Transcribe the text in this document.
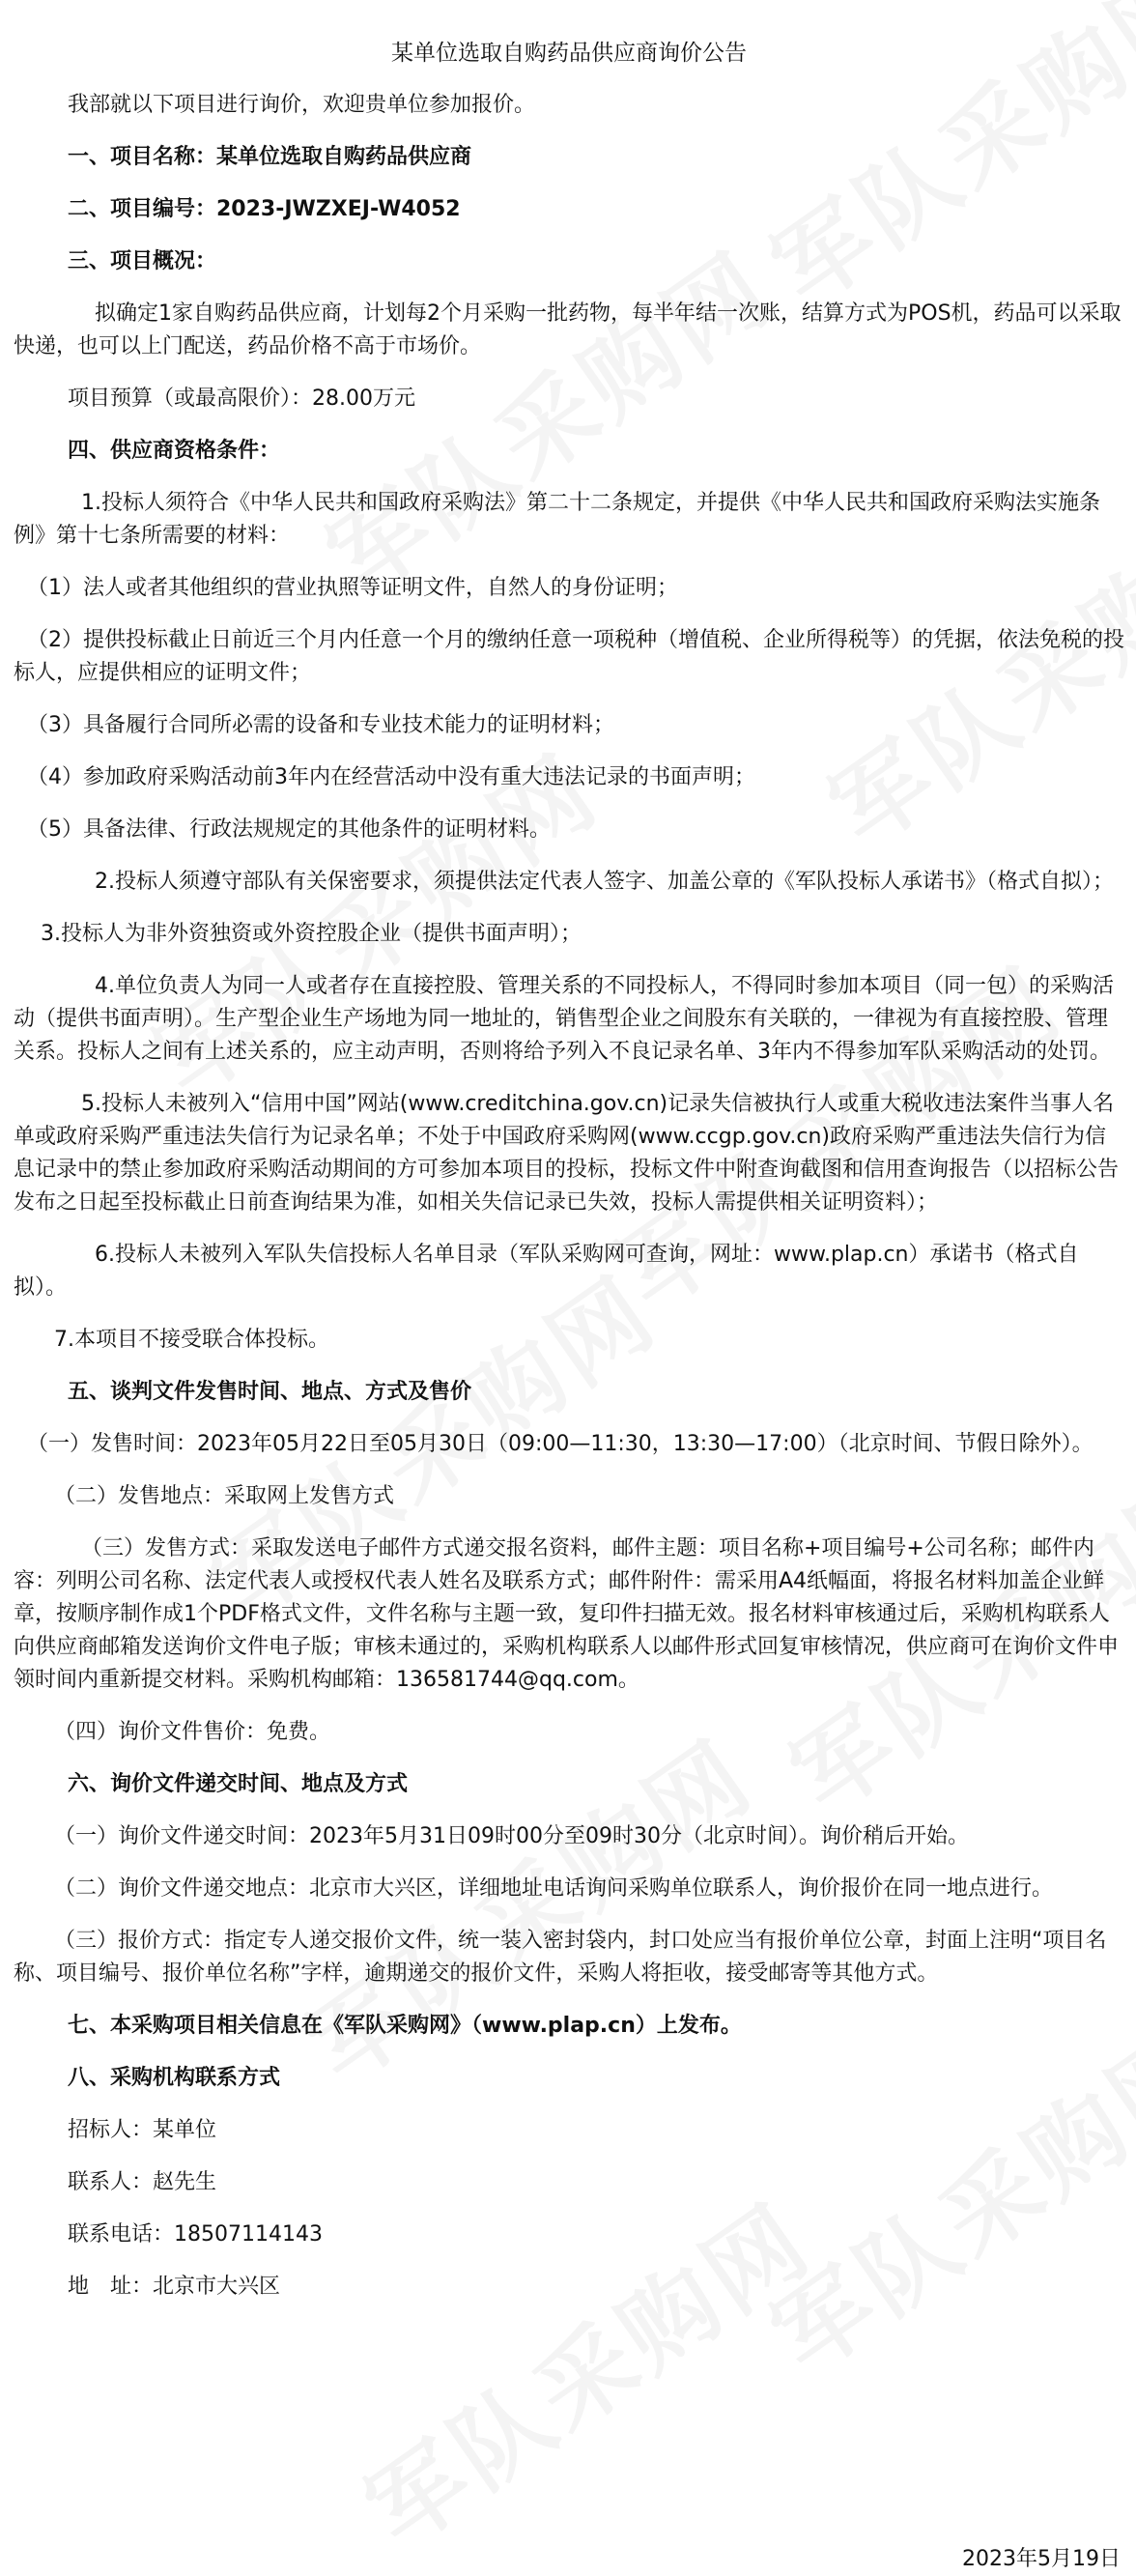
某单位选取自购药品供应商询价公告

我部就以下项目进行询价，欢迎贵单位参加报价。

一、项目名称：某单位选取自购药品供应商

二、项目编号：2023-JWZXEJ-W4052

三、项目概况：

拟确定1家自购药品供应商，计划每2个月采购一批药物，每半年结一次账，结算方式为POS机，药品可以采取快递，也可以上门配送，药品价格不高于市场价。

项目预算（或最高限价）：28.00万元

四、供应商资格条件：

1.投标人须符合《中华人民共和国政府采购法》第二十二条规定，并提供《中华人民共和国政府采购法实施条例》第十七条所需要的材料：

（1）法人或者其他组织的营业执照等证明文件，自然人的身份证明；

（2）提供投标截止日前近三个月内任意一个月的缴纳任意一项税种（增值税、企业所得税等）的凭据，依法免税的投标人，应提供相应的证明文件；

（3）具备履行合同所必需的设备和专业技术能力的证明材料；

（4）参加政府采购活动前3年内在经营活动中没有重大违法记录的书面声明；

（5）具备法律、行政法规规定的其他条件的证明材料。

2.投标人须遵守部队有关保密要求，须提供法定代表人签字、加盖公章的《军队投标人承诺书》（格式自拟）；

3.投标人为非外资独资或外资控股企业（提供书面声明）；

4.单位负责人为同一人或者存在直接控股、管理关系的不同投标人，不得同时参加本项目（同一包）的采购活动（提供书面声明）。生产型企业生产场地为同一地址的，销售型企业之间股东有关联的，一律视为有直接控股、管理关系。投标人之间有上述关系的，应主动声明，否则将给予列入不良记录名单、3年内不得参加军队采购活动的处罚。

5.投标人未被列入“信用中国”网站(www.creditchina.gov.cn)记录失信被执行人或重大税收违法案件当事人名单或政府采购严重违法失信行为记录名单；不处于中国政府采购网(www.ccgp.gov.cn)政府采购严重违法失信行为信息记录中的禁止参加政府采购活动期间的方可参加本项目的投标，投标文件中附查询截图和信用查询报告（以招标公告发布之日起至投标截止日前查询结果为准，如相关失信记录已失效，投标人需提供相关证明资料）；

6.投标人未被列入军队失信投标人名单目录（军队采购网可查询，网址：www.plap.cn）承诺书（格式自拟）。

7.本项目不接受联合体投标。

五、谈判文件发售时间、地点、方式及售价

（一）发售时间：2023年05月22日至05月30日（09:00—11:30，13:30—17:00）（北京时间、节假日除外）。

（二）发售地点：采取网上发售方式

（三）发售方式：采取发送电子邮件方式递交报名资料，邮件主题：项目名称+项目编号+公司名称；邮件内容：列明公司名称、法定代表人或授权代表人姓名及联系方式；邮件附件：需采用A4纸幅面，将报名材料加盖企业鲜章，按顺序制作成1个PDF格式文件，文件名称与主题一致，复印件扫描无效。报名材料审核通过后，采购机构联系人向供应商邮箱发送询价文件电子版；审核未通过的，采购机构联系人以邮件形式回复审核情况，供应商可在询价文件申领时间内重新提交材料。采购机构邮箱：136581744@qq.com。

（四）询价文件售价：免费。

六、询价文件递交时间、地点及方式

（一）询价文件递交时间：2023年5月31日09时00分至09时30分（北京时间）。询价稍后开始。

（二）询价文件递交地点：北京市大兴区，详细地址电话询问采购单位联系人，询价报价在同一地点进行。

（三）报价方式：指定专人递交报价文件，统一装入密封袋内，封口处应当有报价单位公章，封面上注明“项目名称、项目编号、报价单位名称”字样，逾期递交的报价文件，采购人将拒收，接受邮寄等其他方式。

七、本采购项目相关信息在《军队采购网》（www.plap.cn）上发布。

八、采购机构联系方式

招标人：某单位

联系人：赵先生

联系电话：18507114143

地　址：北京市大兴区

2023年5月19日
